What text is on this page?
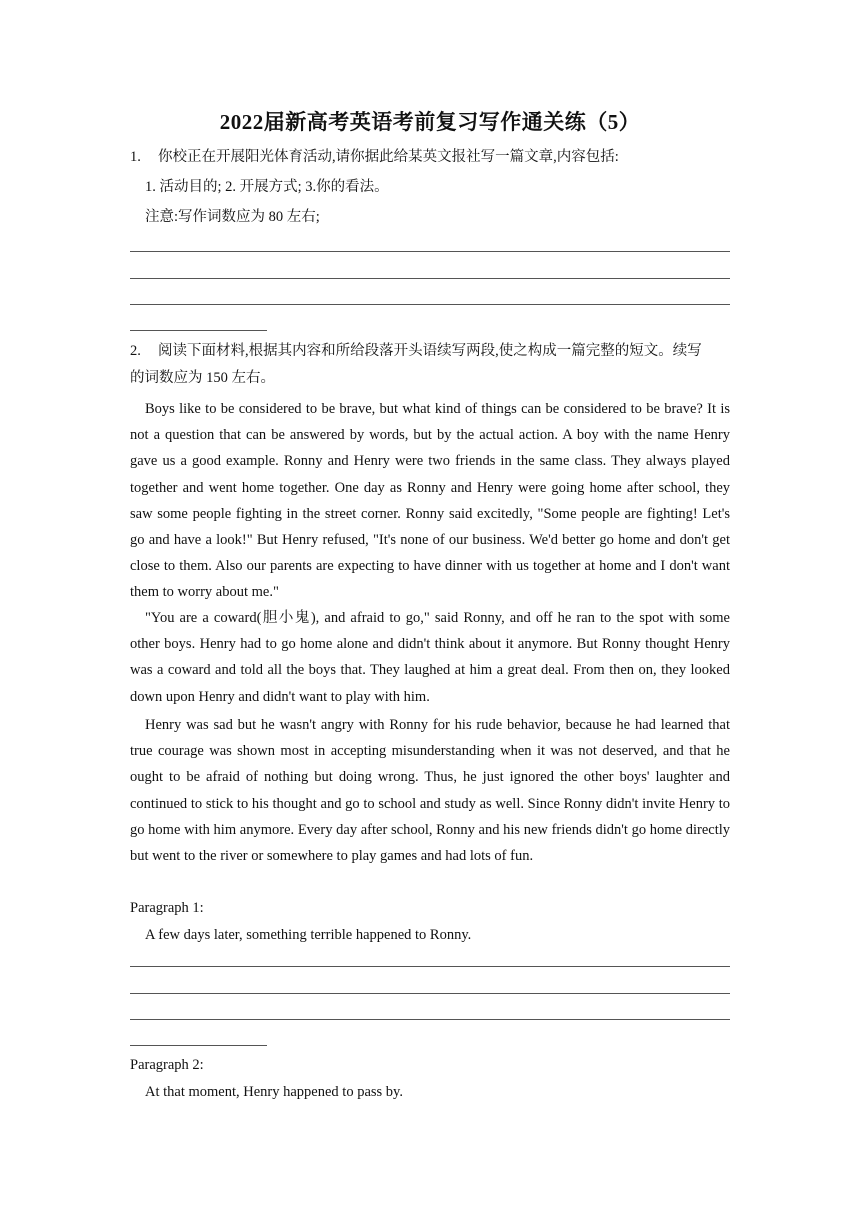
2022届新高考英语考前复习写作通关练（5）
1. 你校正在开展阳光体育活动,请你据此给某英文报社写一篇文章,内容包括:
1. 活动目的; 2. 开展方式; 3.你的看法。
注意:写作词数应为 80 左右;
2. 阅读下面材料,根据其内容和所给段落开头语续写两段,使之构成一篇完整的短文。续写
的词数应为 150 左右。
Boys like to be considered to be brave, but what kind of things can be considered to be brave? It is not a question that can be answered by words, but by the actual action. A boy with the name Henry gave us a good example. Ronny and Henry were two friends in the same class. They always played together and went home together. One day as Ronny and Henry were going home after school, they saw some people fighting in the street corner. Ronny said excitedly, "Some people are fighting! Let's go and have a look!" But Henry refused, "It's none of our business. We'd better go home and don't get close to them. Also our parents are expecting to have dinner with us together at home and I don't want them to worry about me."
"You are a coward(胆小鬼), and afraid to go," said Ronny, and off he ran to the spot with some other boys. Henry had to go home alone and didn't think about it anymore. But Ronny thought Henry was a coward and told all the boys that. They laughed at him a great deal. From then on, they looked down upon Henry and didn't want to play with him.
Henry was sad but he wasn't angry with Ronny for his rude behavior, because he had learned that true courage was shown most in accepting misunderstanding when it was not deserved, and that he ought to be afraid of nothing but doing wrong. Thus, he just ignored the other boys' laughter and continued to stick to his thought and go to school and study as well. Since Ronny didn't invite Henry to go home with him anymore. Every day after school, Ronny and his new friends didn't go home directly but went to the river or somewhere to play games and had lots of fun.
Paragraph 1:
A few days later, something terrible happened to Ronny.
Paragraph 2:
At that moment, Henry happened to pass by.
